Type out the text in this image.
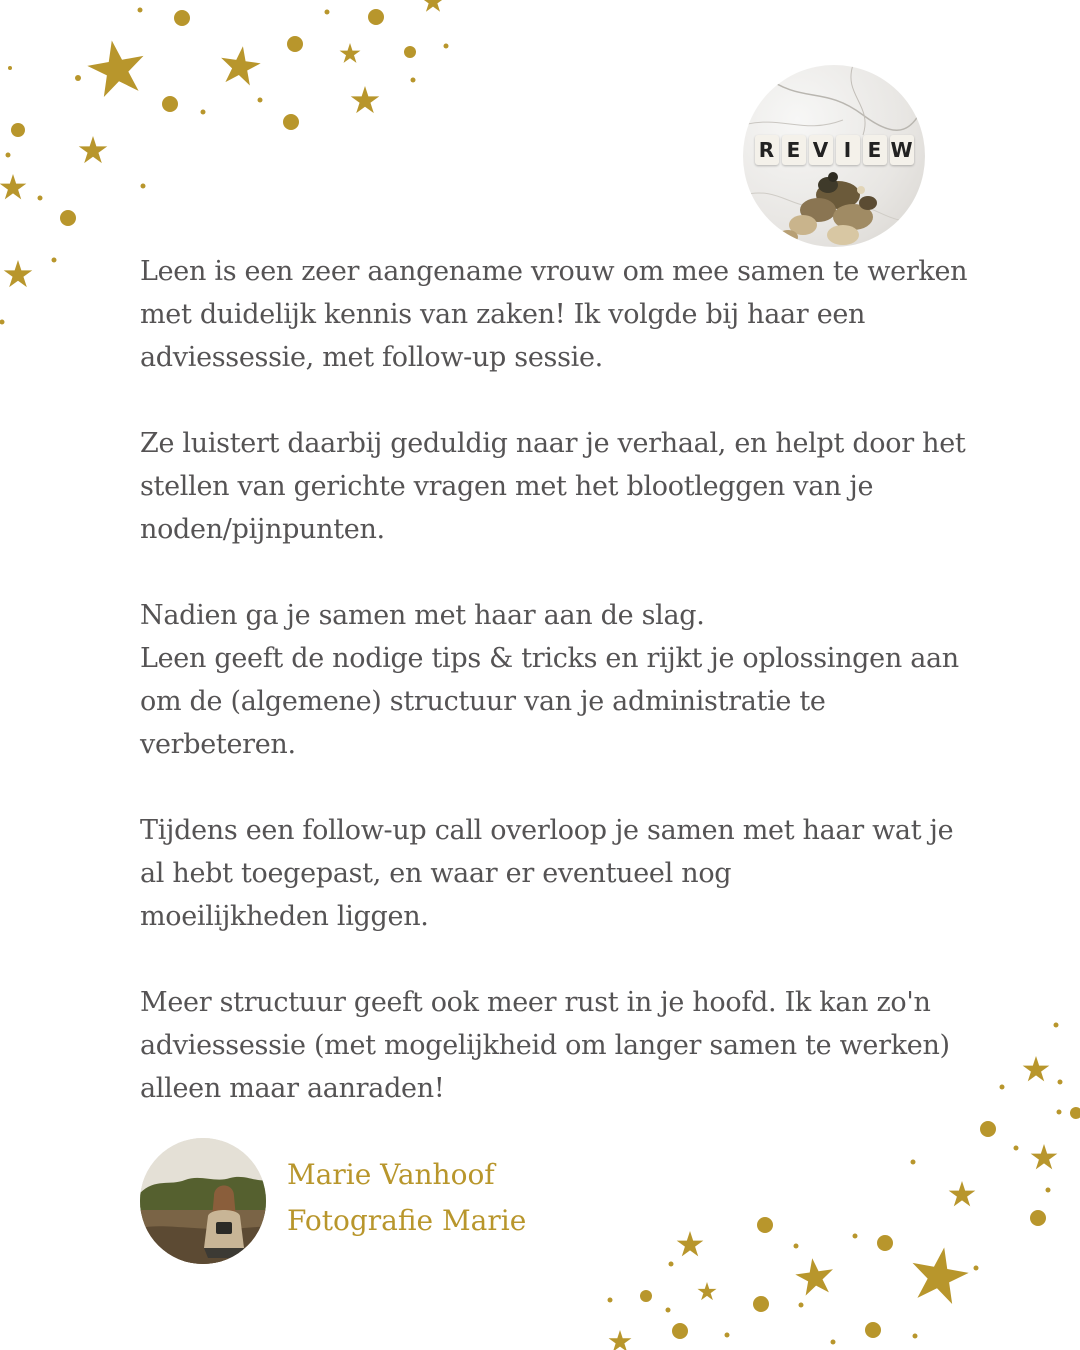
R E V I E W

Leen is een zeer aangename vrouw om mee samen te werken
met duidelijk kennis van zaken! Ik volgde bij haar een
adviessessie, met follow-up sessie.

Ze luistert daarbij geduldig naar je verhaal, en helpt door het
stellen van gerichte vragen met het blootleggen van je
noden/pijnpunten.

Nadien ga je samen met haar aan de slag.
Leen geeft de nodige tips & tricks en rijkt je oplossingen aan
om de (algemene) structuur van je administratie te
verbeteren.

Tijdens een follow-up call overloop je samen met haar wat je
al hebt toegepast, en waar er eventueel nog
moeilijkheden liggen.

Meer structuur geeft ook meer rust in je hoofd. Ik kan zo'n
adviessessie (met mogelijkheid om langer samen te werken)
alleen maar aanraden!

Marie Vanhoof
Fotografie Marie
